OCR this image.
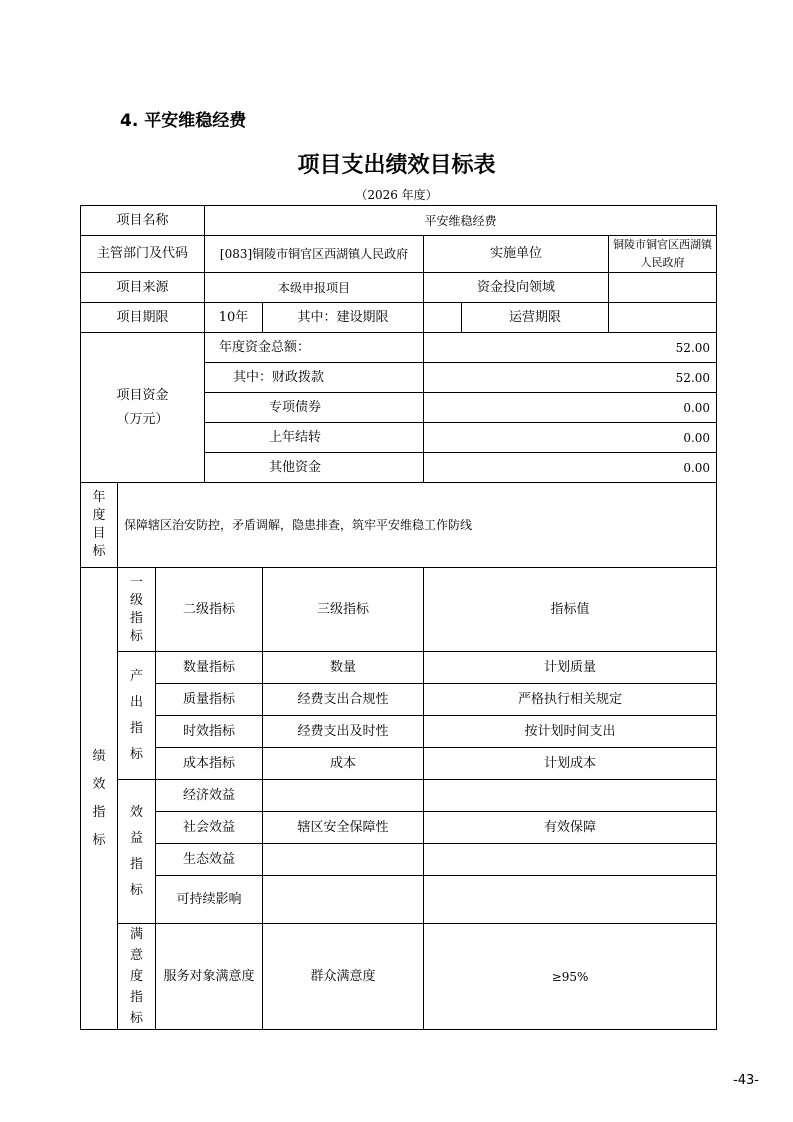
4. 平安维稳经费
项目支出绩效目标表
（2026 年度）
项目名称			平安维稳经费				
主管部门及代码			[083]铜陵市铜官区西湖镇人民政府		实施单位		铜陵市铜官区西湖镇人民政府
项目来源			本级申报项目		资金投向领域		
项目期限			10年	其中：建设期限		运营期限	
项目资金
（万元）			年度资金总额：		52.00		
			其中：财政拨款		52.00		
			专项债券		0.00		
			上年结转		0.00		
			其他资金		0.00		

年
度
目
标	保障辖区治安防控，矛盾调解，隐患排查，筑牢平安维稳工作防线						

绩
效
指
标	一
级
指
标	二级指标		三级指标	指标值		

	产
出
指
标	数量指标		数量	计划质量		
		质量指标		经费支出合规性	严格执行相关规定		
		时效指标		经费支出及时性	按计划时间支出		
		成本指标		成本	计划成本		

	效
益
指
标	经济效益					
		社会效益		辖区安全保障性	有效保障		
		生态效益					
		可持续影响					

	满
意
度
指
标	服务对象满意度		群众满意度	≥95%		
-43-
